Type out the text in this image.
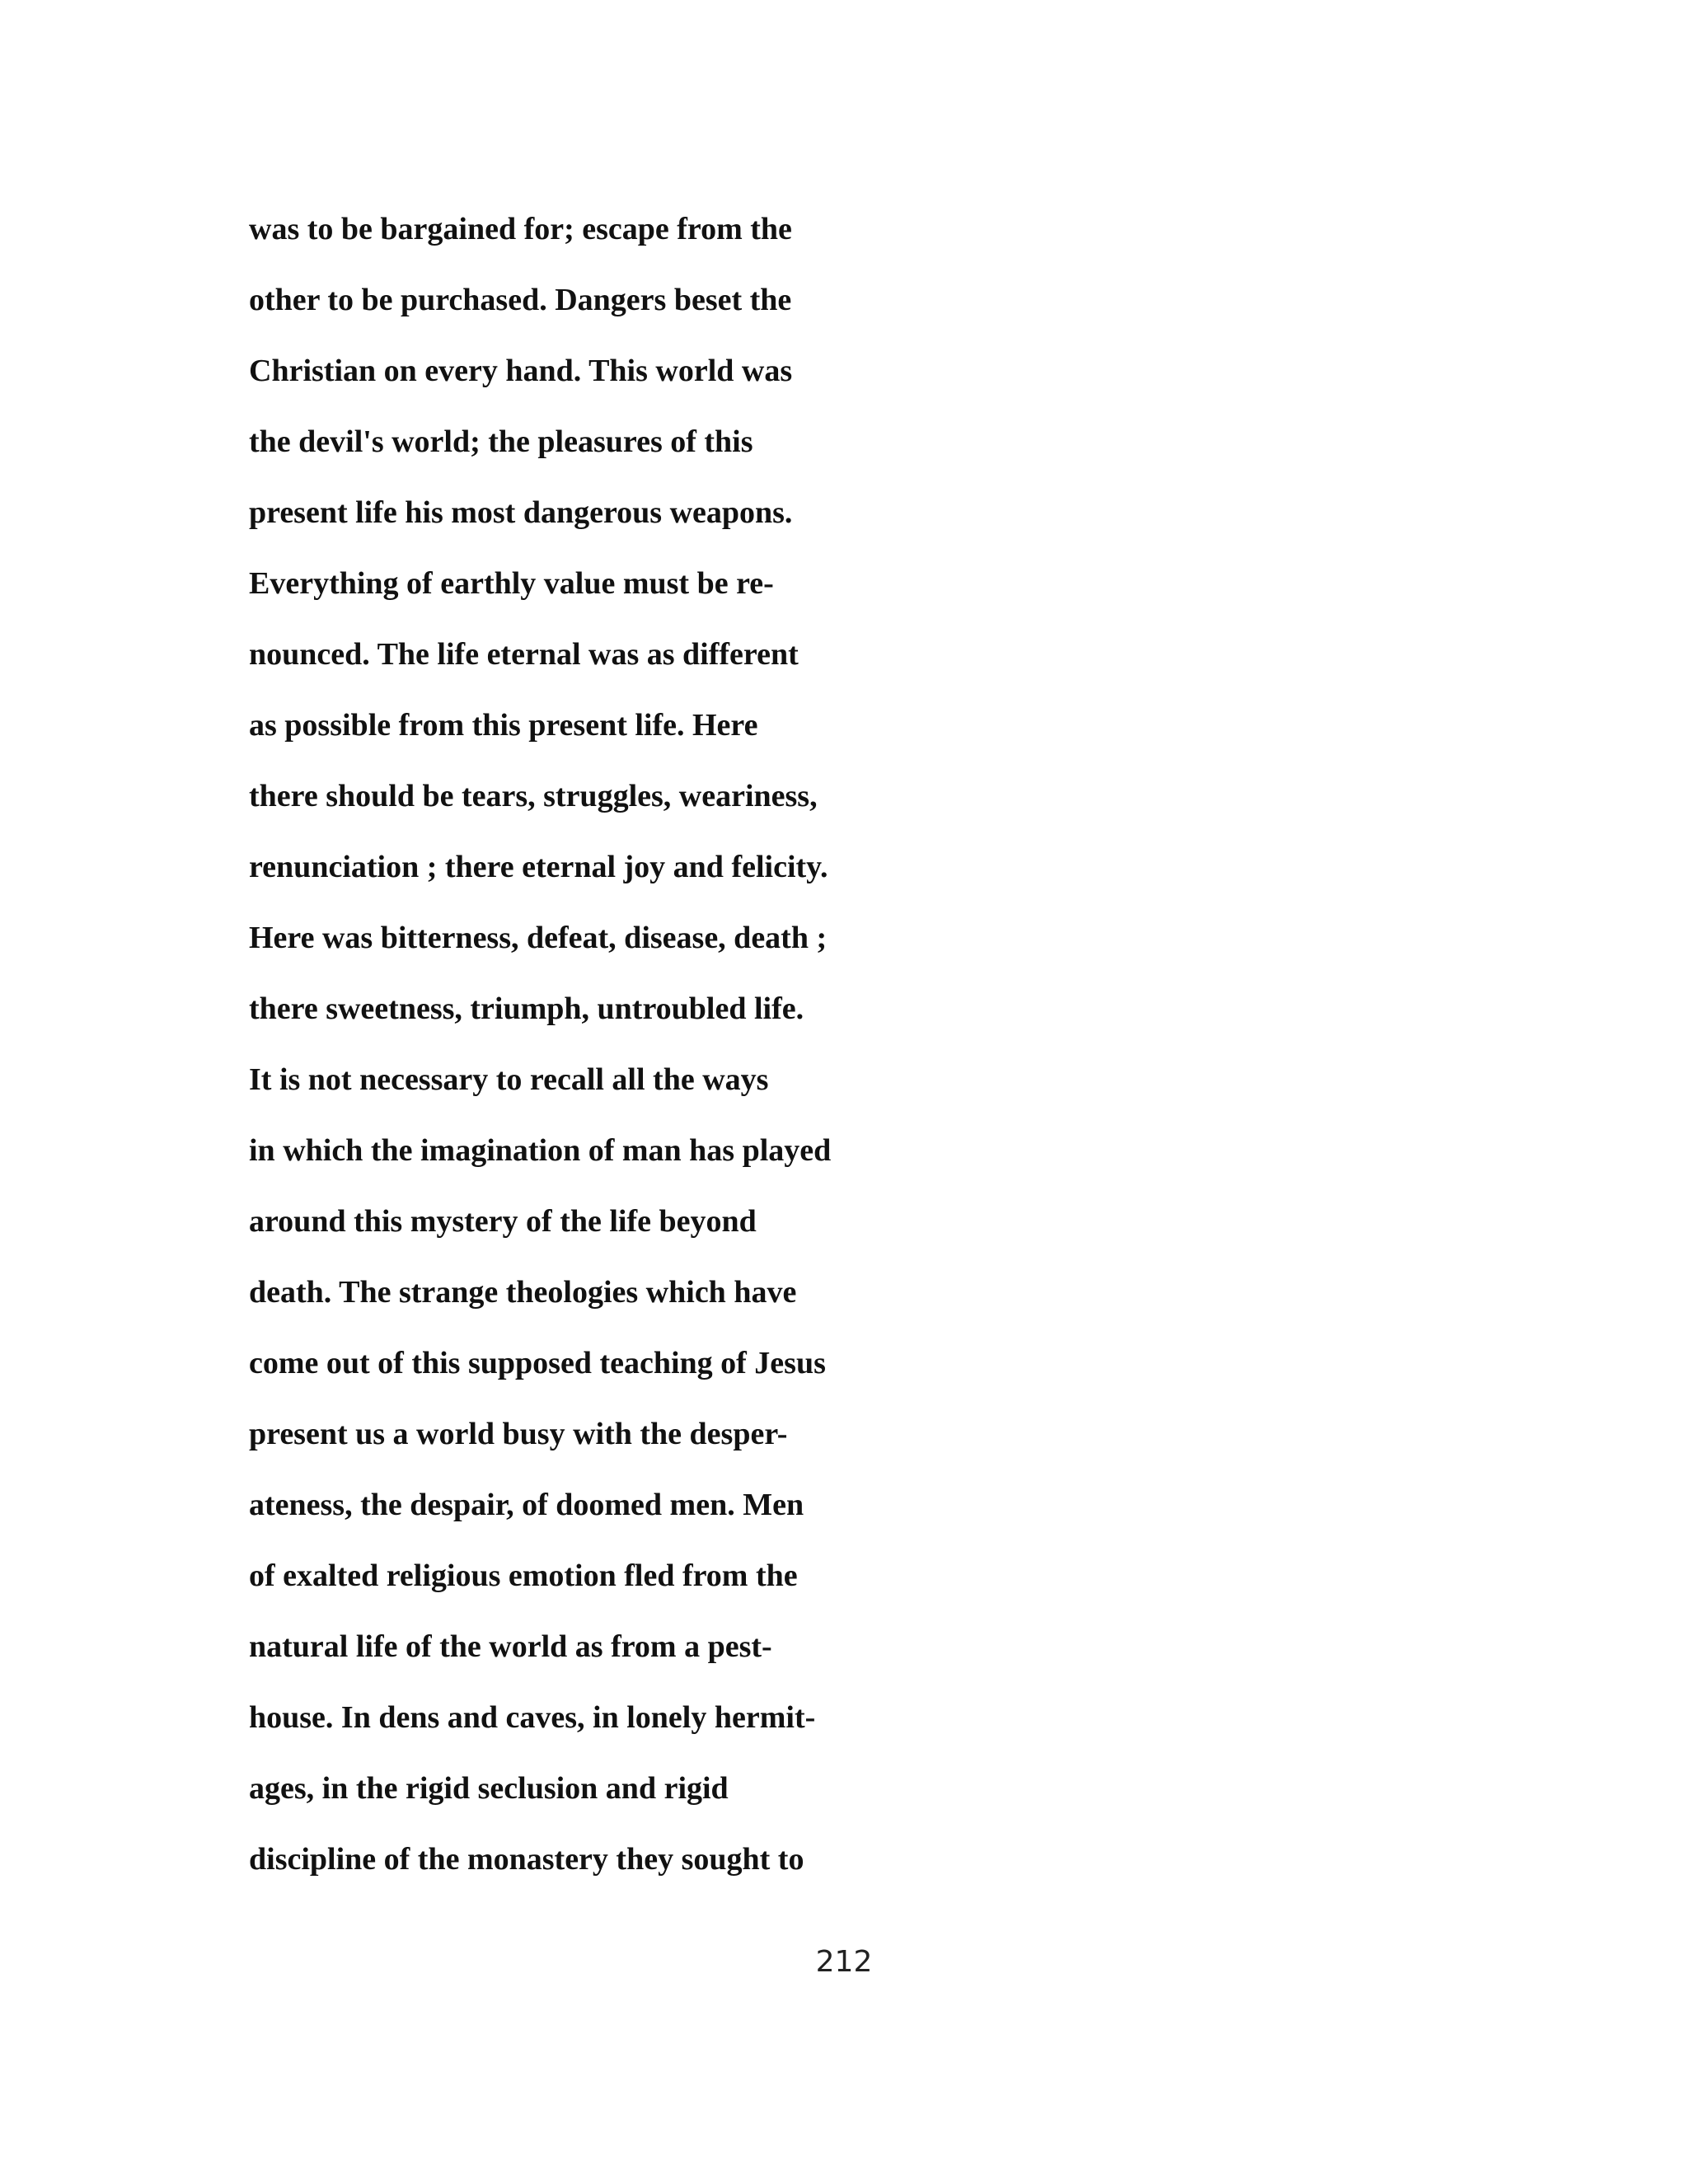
was to be bargained for; escape from the
other to be purchased. Dangers beset the
Christian on every hand. This world was
the devil's world; the pleasures of this
present life his most dangerous weapons.
Everything of earthly value must be re-
nounced. The life eternal was as different
as possible from this present life. Here
there should be tears, struggles, weariness,
renunciation ; there eternal joy and felicity.
Here was bitterness, defeat, disease, death ;
there sweetness, triumph, untroubled life.
It is not necessary to recall all the ways
in which the imagination of man has played
around this mystery of the life beyond
death. The strange theologies which have
come out of this supposed teaching of Jesus
present us a world busy with the desper-
ateness, the despair, of doomed men. Men
of exalted religious emotion fled from the
natural life of the world as from a pest-
house. In dens and caves, in lonely hermit-
ages, in the rigid seclusion and rigid
discipline of the monastery they sought to
212
